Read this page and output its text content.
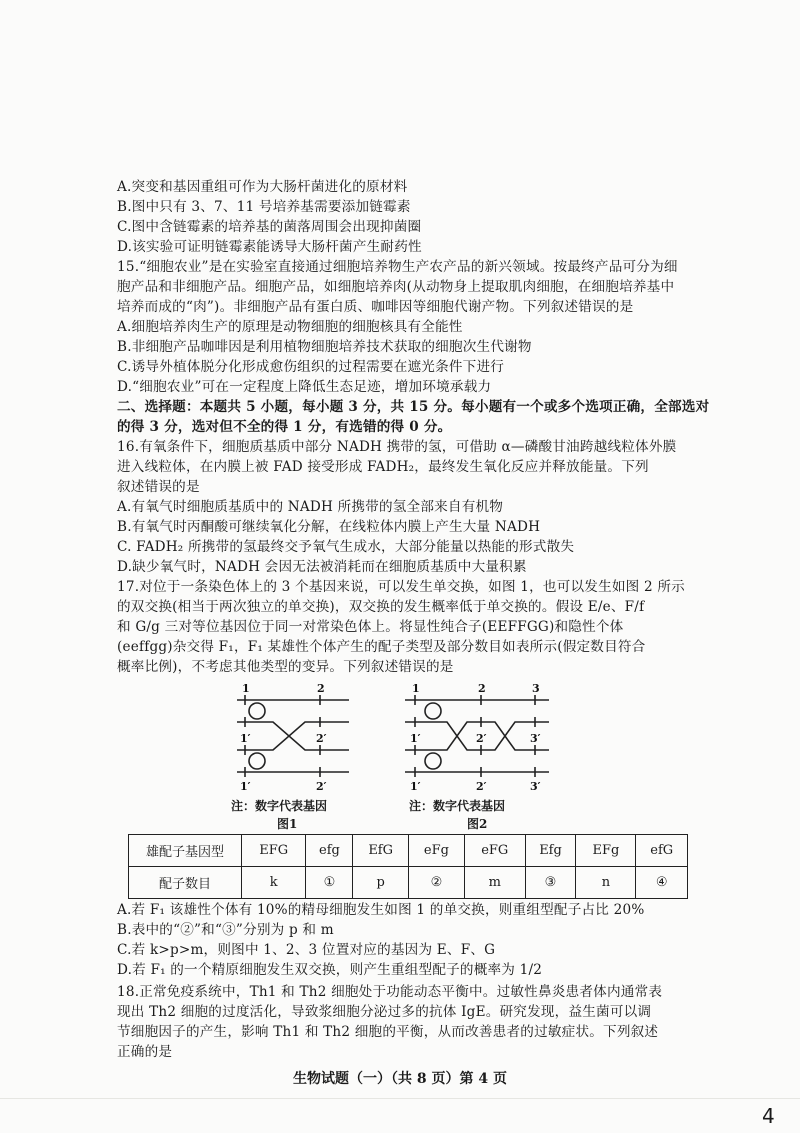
A.突变和基因重组可作为大肠杆菌进化的原材料
B.图中只有 3、7、11 号培养基需要添加链霉素
C.图中含链霉素的培养基的菌落周围会出现抑菌圈
D.该实验可证明链霉素能诱导大肠杆菌产生耐药性
15.“细胞农业”是在实验室直接通过细胞培养物生产农产品的新兴领域。按最终产品可分为细
胞产品和非细胞产品。细胞产品，如细胞培养肉(从动物身上提取肌肉细胞，在细胞培养基中
培养而成的“肉”)。非细胞产品有蛋白质、咖啡因等细胞代谢产物。下列叙述错误的是
A.细胞培养肉生产的原理是动物细胞的细胞核具有全能性
B.非细胞产品咖啡因是利用植物细胞培养技术获取的细胞次生代谢物
C.诱导外植体脱分化形成愈伤组织的过程需要在遮光条件下进行
D.“细胞农业”可在一定程度上降低生态足迹，增加环境承载力
二、选择题：本题共 5 小题，每小题 3 分，共 15 分。每小题有一个或多个选项正确，全部选对
的得 3 分，选对但不全的得 1 分，有选错的得 0 分。
16.有氧条件下，细胞质基质中部分 NADH 携带的氢，可借助 α—磷酸甘油跨越线粒体外膜
进入线粒体，在内膜上被 FAD 接受形成 FADH₂，最终发生氧化反应并释放能量。下列
叙述错误的是
A.有氧气时细胞质基质中的 NADH 所携带的氢全部来自有机物
B.有氧气时丙酮酸可继续氧化分解，在线粒体内膜上产生大量 NADH
C. FADH₂ 所携带的氢最终交予氧气生成水，大部分能量以热能的形式散失
D.缺少氧气时，NADH 会因无法被消耗而在细胞质基质中大量积累
17.对位于一条染色体上的 3 个基因来说，可以发生单交换，如图 1，也可以发生如图 2 所示
的双交换(相当于两次独立的单交换)，双交换的发生概率低于单交换的。假设 E/e、F/f
和 G/g 三对等位基因位于同一对常染色体上。将显性纯合子(EEFFGG)和隐性个体
(eeffgg)杂交得 F₁，F₁ 某雄性个体产生的配子类型及部分数目如表所示(假定数目符合
概率比例)，不考虑其他类型的变异。下列叙述错误的是
1	2
1′	2′
1′	2′
注：数字代表基因
图1
1	2	3
1′	2′	3′
1′	2′	3′
注：数字代表基因
图2
雄配子基因型	EFG	efg	EfG	eFg	eFG	Efg	EFg	efG
配子数目	k	①	p	②	m	③	n	④
A.若 F₁ 该雄性个体有 10%的精母细胞发生如图 1 的单交换，则重组型配子占比 20%
B.表中的“②”和“③”分别为 p 和 m
C.若 k>p>m，则图中 1、2、3 位置对应的基因为 E、F、G
D.若 F₁ 的一个精原细胞发生双交换，则产生重组型配子的概率为 1/2
18.正常免疫系统中，Th1 和 Th2 细胞处于功能动态平衡中。过敏性鼻炎患者体内通常表
现出 Th2 细胞的过度活化，导致浆细胞分泌过多的抗体 IgE。研究发现，益生菌可以调
节细胞因子的产生，影响 Th1 和 Th2 细胞的平衡，从而改善患者的过敏症状。下列叙述
正确的是
生物试题（一）（共 8 页）第 4 页
4
